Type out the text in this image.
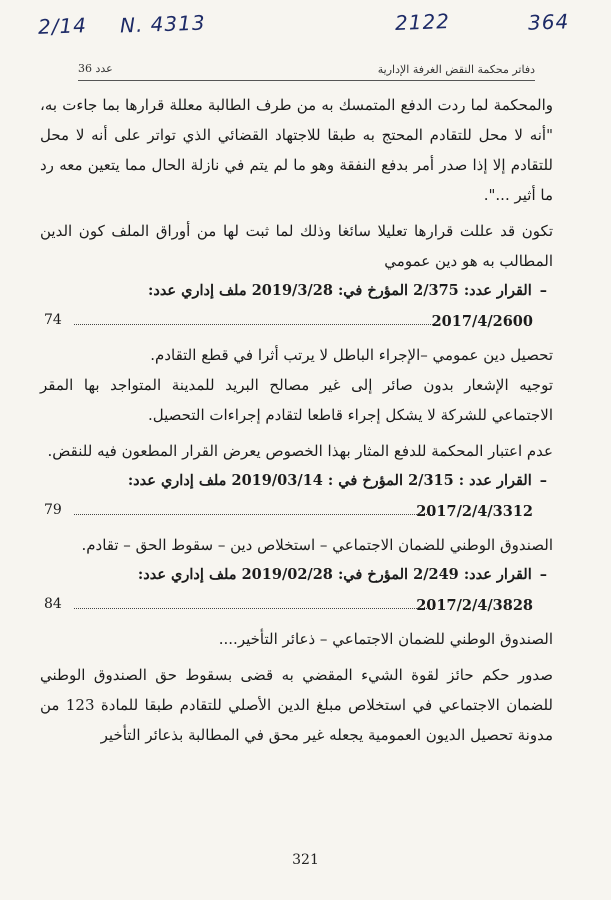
2/14 N. 4313	2122	364
دفاتر محكمة النقض الغرفة الإدارية
عدد 36

والمحكمة لما ردت الدفع المتمسك به من طرف الطالبة معللة قرارها بما جاءت به، "أنه لا محل للتقادم المحتج به طبقا للاجتهاد القضائي الذي تواتر على أنه لا محل للتقادم إلا إذا صدر أمر بدفع النفقة وهو ما لم يتم في نازلة الحال مما يتعين معه رد ما أثير ...".

تكون قد عللت قرارها تعليلا سائغا وذلك لما ثبت لها من أوراق الملف كون الدين المطالب به هو دين عمومي

–القرار عدد: 2/375 المؤرخ في: 2019/3/28 ملف إداري عدد:
74	2017/4/2600

تحصيل دين عمومي –الإجراء الباطل لا يرتب أثرا في قطع التقادم.

توجيه الإشعار بدون صائر إلى غير مصالح البريد للمدينة المتواجد بها المقر الاجتماعي للشركة لا يشكل إجراء قاطعا لتقادم إجراءات التحصيل.

عدم اعتبار المحكمة للدفع المثار بهذا الخصوص يعرض القرار المطعون فيه للنقض.

–القرار عدد : 2/315 المؤرخ في : 2019/03/14 ملف إداري عدد:
79	2017/2/4/3312

الصندوق الوطني للضمان الاجتماعي – استخلاص دين – سقوط الحق – تقادم.

–القرار عدد: 2/249 المؤرخ في: 2019/02/28 ملف إداري عدد:
84	2017/2/4/3828

الصندوق الوطني للضمان الاجتماعي – ذعائر التأخير....

صدور حكم حائز لقوة الشيء المقضي به قضى بسقوط حق الصندوق الوطني للضمان الاجتماعي في استخلاص مبلغ الدين الأصلي للتقادم طبقا للمادة 123 من مدونة تحصيل الديون العمومية يجعله غير محق في المطالبة بذعائر التأخير

321
